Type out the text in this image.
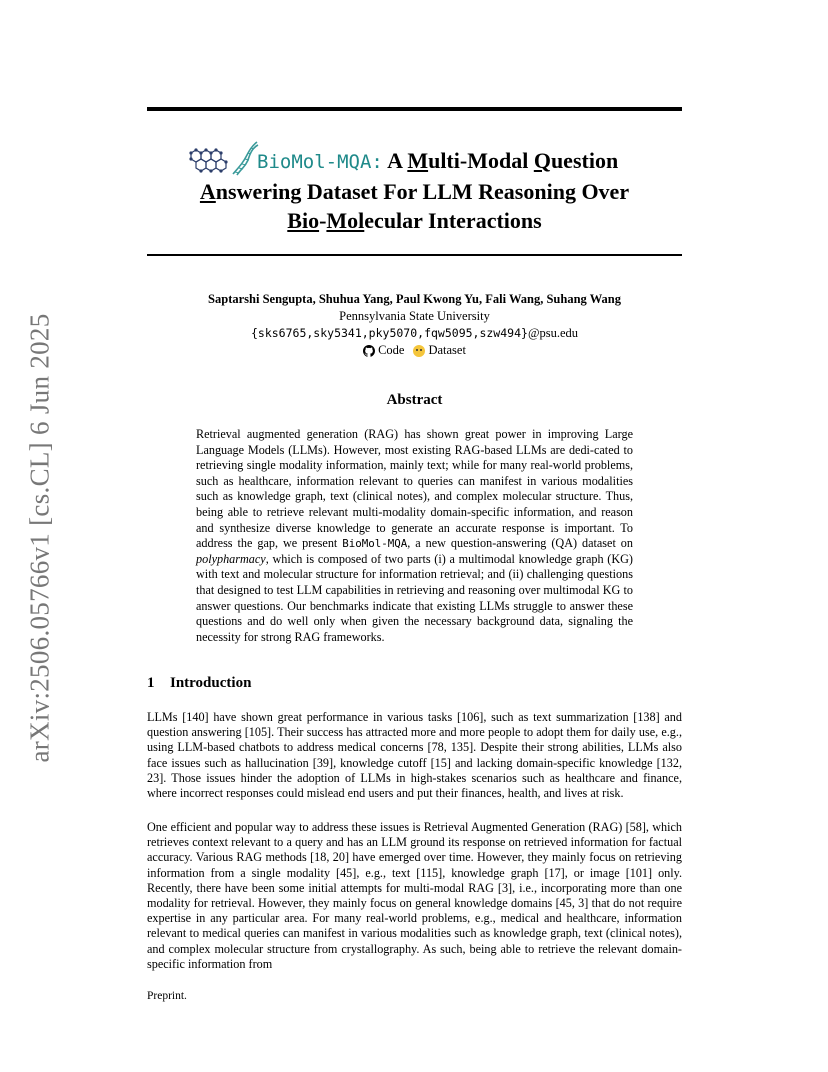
arXiv:2506.05766v1 [cs.CL] 6 Jun 2025
BioMol-MQA: A Multi-Modal Question
Answering Dataset For LLM Reasoning Over
Bio-Molecular Interactions
Saptarshi Sengupta, Shuhua Yang, Paul Kwong Yu, Fali Wang, Suhang Wang
Pennsylvania State University
{sks6765,sky5341,pky5070,fqw5095,szw494}@psu.edu
Code Dataset
Abstract
Retrieval augmented generation (RAG) has shown great power in improving Large Language Models (LLMs). However, most existing RAG-based LLMs are dedi-cated to retrieving single modality information, mainly text; while for many real-world problems, such as healthcare, information relevant to queries can manifest in various modalities such as knowledge graph, text (clinical notes), and complex molecular structure. Thus, being able to retrieve relevant multi-modality domain-specific information, and reason and synthesize diverse knowledge to generate an accurate response is important. To address the gap, we present BioMol-MQA, a new question-answering (QA) dataset on polypharmacy, which is composed of two parts (i) a multimodal knowledge graph (KG) with text and molecular structure for information retrieval; and (ii) challenging questions that designed to test LLM capabilities in retrieving and reasoning over multimodal KG to answer questions. Our benchmarks indicate that existing LLMs struggle to answer these questions and do well only when given the necessary background data, signaling the necessity for strong RAG frameworks.
1 Introduction
LLMs [140] have shown great performance in various tasks [106], such as text summarization [138] and question answering [105]. Their success has attracted more and more people to adopt them for daily use, e.g., using LLM-based chatbots to address medical concerns [78, 135]. Despite their strong abilities, LLMs also face issues such as hallucination [39], knowledge cutoff [15] and lacking domain-specific knowledge [132, 23]. Those issues hinder the adoption of LLMs in high-stakes scenarios such as healthcare and finance, where incorrect responses could mislead end users and put their finances, health, and lives at risk.
One efficient and popular way to address these issues is Retrieval Augmented Generation (RAG) [58], which retrieves context relevant to a query and has an LLM ground its response on retrieved information for factual accuracy. Various RAG methods [18, 20] have emerged over time. However, they mainly focus on retrieving information from a single modality [45], e.g., text [115], knowledge graph [17], or image [101] only. Recently, there have been some initial attempts for multi-modal RAG [3], i.e., incorporating more than one modality for retrieval. However, they mainly focus on general knowledge domains [45, 3] that do not require expertise in any particular area. For many real-world problems, e.g., medical and healthcare, information relevant to medical queries can manifest in various modalities such as knowledge graph, text (clinical notes), and complex molecular structure from crystallography. As such, being able to retrieve the relevant domain-specific information from
Preprint.
